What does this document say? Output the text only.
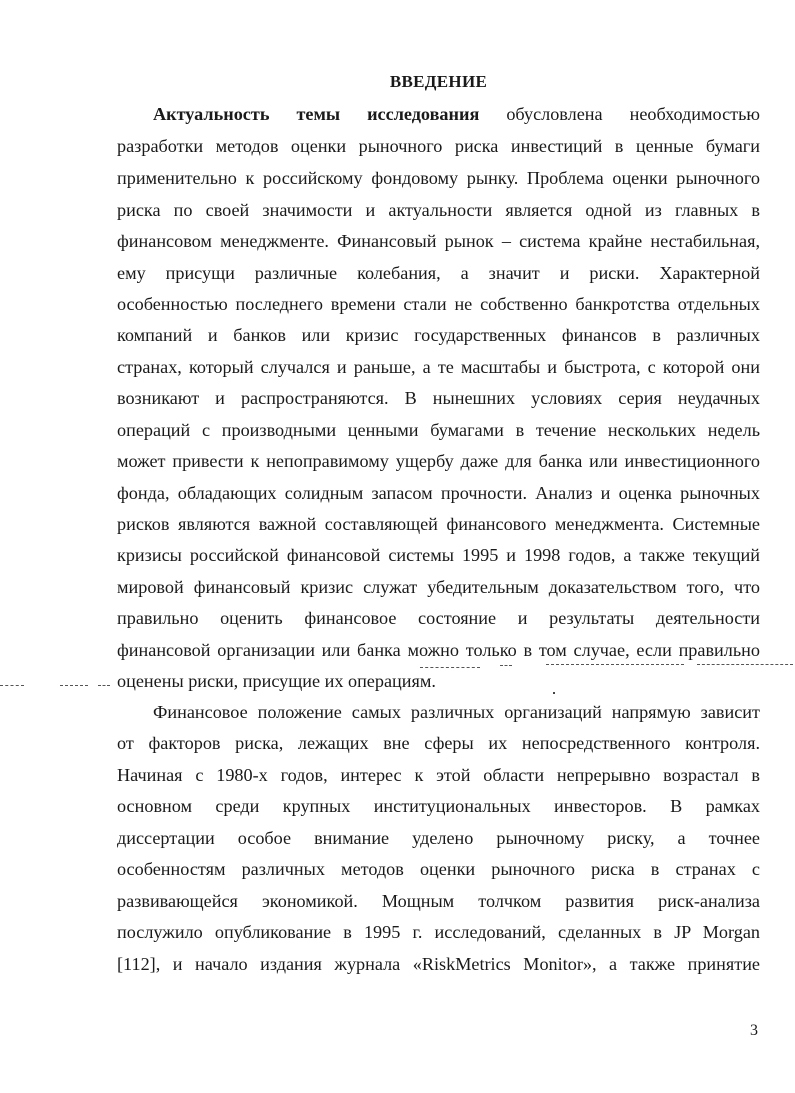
ВВЕДЕНИЕ
Актуальность темы исследования обусловлена необходимостью
разработки методов оценки рыночного риска инвестиций в ценные бумаги
применительно к российскому фондовому рынку. Проблема оценки рыночного
риска по своей значимости и актуальности является одной из главных в
финансовом менеджменте. Финансовый рынок – система крайне нестабильная,
ему присущи различные колебания, а значит и риски. Характерной
особенностью последнего времени стали не собственно банкротства отдельных
компаний и банков или кризис государственных финансов в различных
странах, который случался и раньше, а те масштабы и быстрота, с которой они
возникают и распространяются. В нынешних условиях серия неудачных
операций с производными ценными бумагами в течение нескольких недель
может привести к непоправимому ущербу даже для банка или инвестиционного
фонда, обладающих солидным запасом прочности. Анализ и оценка рыночных
рисков являются важной составляющей финансового менеджмента. Системные
кризисы российской финансовой системы 1995 и 1998 годов, а также текущий
мировой финансовый кризис служат убедительным доказательством того, что
правильно оценить финансовое состояние и результаты деятельности
финансовой организации или банка можно только в том случае, если правильно
оценены риски, присущие их операциям.
Финансовое положение самых различных организаций напрямую зависит
от факторов риска, лежащих вне сферы их непосредственного контроля.
Начиная с 1980-х годов, интерес к этой области непрерывно возрастал в
основном среди крупных институциональных инвесторов. В рамках
диссертации особое внимание уделено рыночному риску, а точнее
особенностям различных методов оценки рыночного риска в странах с
развивающейся экономикой. Мощным толчком развития риск-анализа
послужило опубликование в 1995 г. исследований, сделанных в JP Morgan
[112], и начало издания журнала «RiskMetrics Monitor», а также принятие
3
